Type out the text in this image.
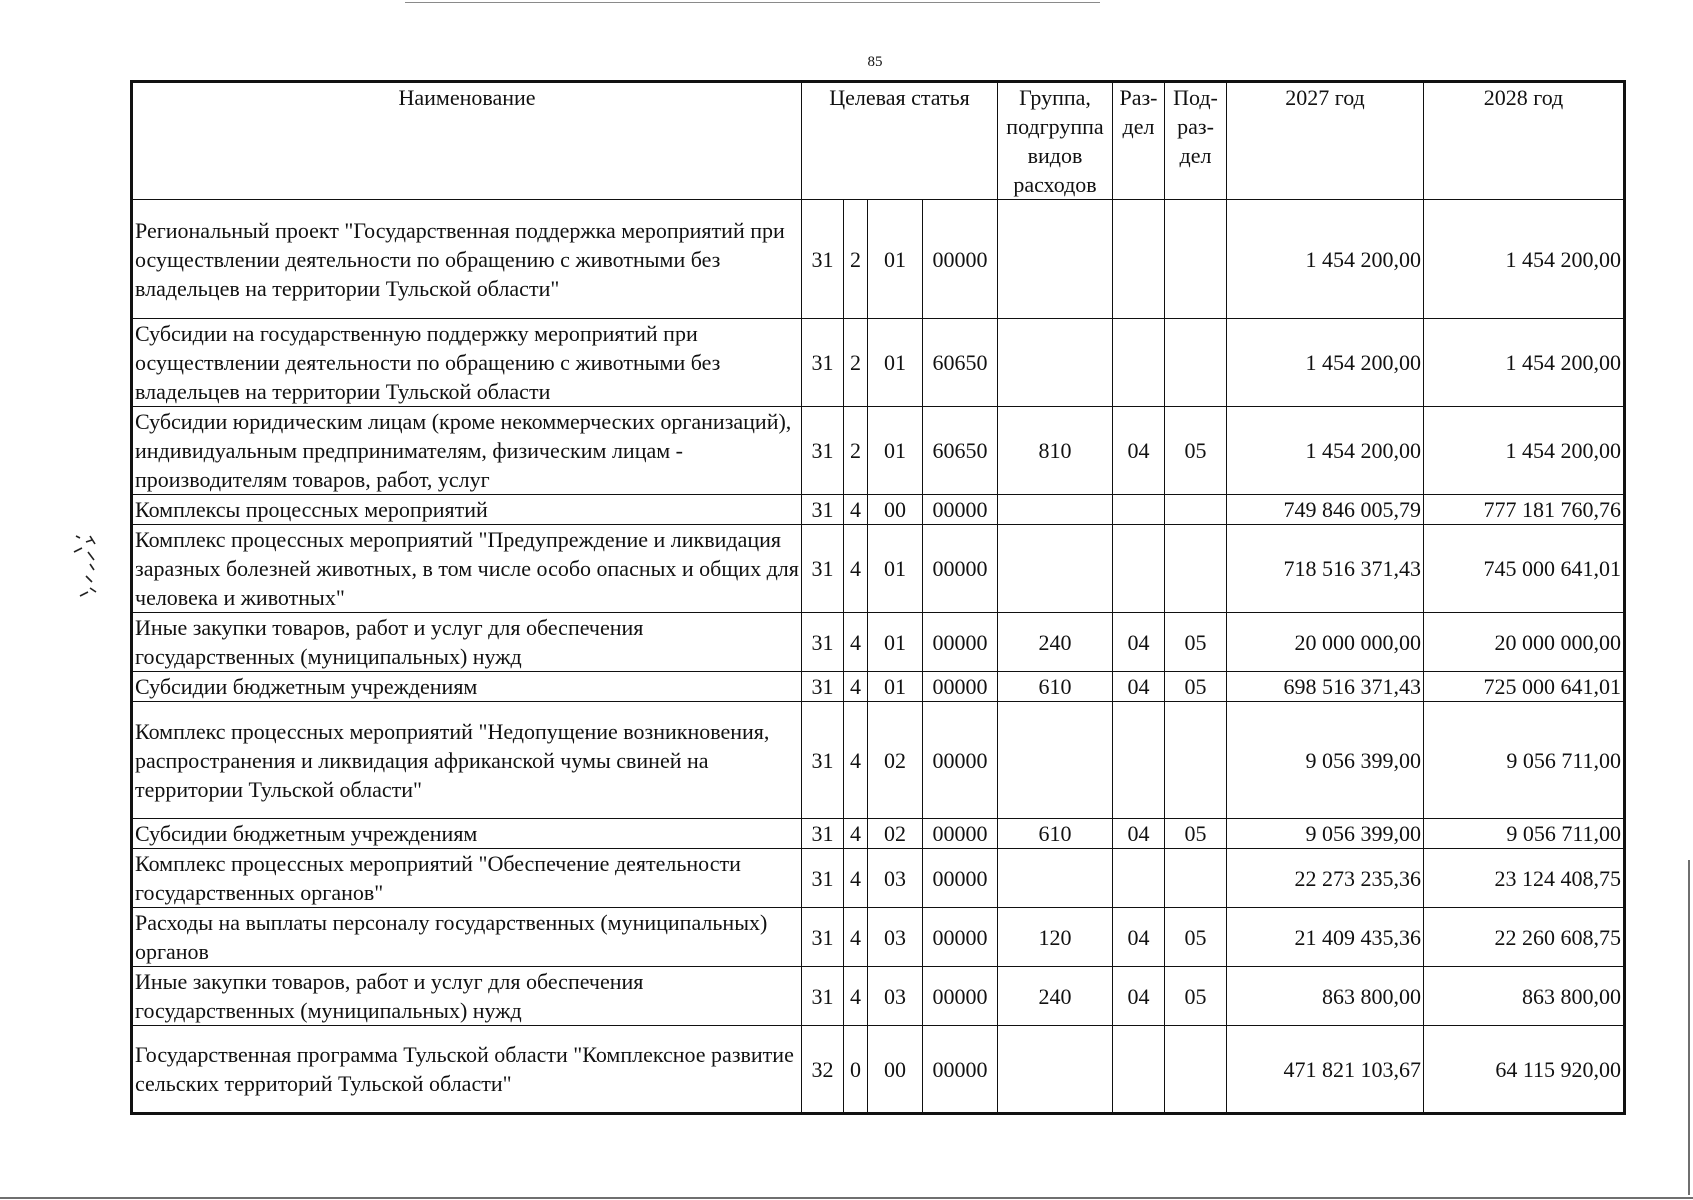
85
Наименование	Целевая статья				Группа, подгруппа видов расходов	Раз-дел	Под-раз-дел	2027 год	2028 год
Региональный проект "Государственная поддержка мероприятий при осуществлении деятельности по обращению с животными без владельцев на территории Тульской области"	31	2	01	00000				1 454 200,00	1 454 200,00
Субсидии на государственную поддержку мероприятий при осуществлении деятельности по обращению с животными без владельцев на территории Тульской области	31	2	01	60650				1 454 200,00	1 454 200,00
Субсидии юридическим лицам (кроме некоммерческих организаций), индивидуальным предпринимателям, физическим лицам - производителям товаров, работ, услуг	31	2	01	60650	810	04	05	1 454 200,00	1 454 200,00
Комплексы процессных мероприятий	31	4	00	00000				749 846 005,79	777 181 760,76
Комплекс процессных мероприятий "Предупреждение и ликвидация заразных болезней животных, в том числе особо опасных и общих для человека и животных"	31	4	01	00000				718 516 371,43	745 000 641,01
Иные закупки товаров, работ и услуг для обеспечения государственных (муниципальных) нужд	31	4	01	00000	240	04	05	20 000 000,00	20 000 000,00
Субсидии бюджетным учреждениям	31	4	01	00000	610	04	05	698 516 371,43	725 000 641,01
Комплекс процессных мероприятий "Недопущение возникновения, распространения и ликвидация африканской чумы свиней на территории Тульской области"	31	4	02	00000				9 056 399,00	9 056 711,00
Субсидии бюджетным учреждениям	31	4	02	00000	610	04	05	9 056 399,00	9 056 711,00
Комплекс процессных мероприятий "Обеспечение деятельности государственных органов"	31	4	03	00000				22 273 235,36	23 124 408,75
Расходы на выплаты персоналу государственных (муниципальных) органов	31	4	03	00000	120	04	05	21 409 435,36	22 260 608,75
Иные закупки товаров, работ и услуг для обеспечения государственных (муниципальных) нужд	31	4	03	00000	240	04	05	863 800,00	863 800,00
Государственная программа Тульской области "Комплексное развитие сельских территорий Тульской области"	32	0	00	00000				471 821 103,67	64 115 920,00
